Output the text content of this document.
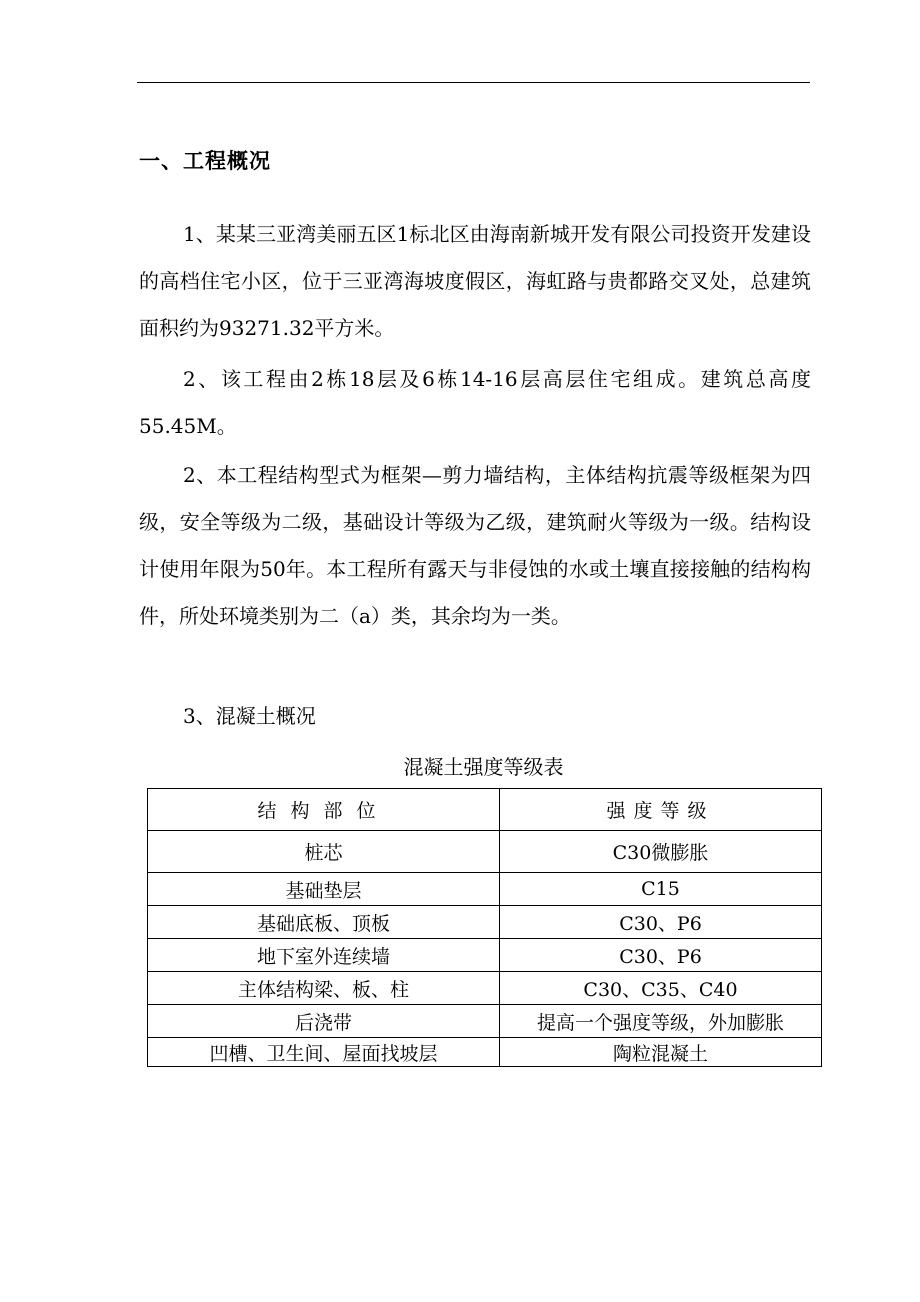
一、工程概况

1、某某三亚湾美丽五区1标北区由海南新城开发有限公司投资开发建设的高档住宅小区，位于三亚湾海坡度假区，海虹路与贵都路交叉处，总建筑面积约为93271.32平方米。

2、该工程由2栋18层及6栋14-16层高层住宅组成。建筑总高度55.45M。

2、本工程结构型式为框架—剪力墙结构，主体结构抗震等级框架为四级，安全等级为二级，基础设计等级为乙级，建筑耐火等级为一级。结构设计使用年限为50年。本工程所有露天与非侵蚀的水或土壤直接接触的结构构件，所处环境类别为二（a）类，其余均为一类。

3、混凝土概况

混凝土强度等级表
结构部位	强度等级
桩芯	C30微膨胀
基础垫层	C15
基础底板、顶板	C30、P6
地下室外连续墙	C30、P6
主体结构梁、板、柱	C30、C35、C40
后浇带	提高一个强度等级，外加膨胀
凹槽、卫生间、屋面找坡层	陶粒混凝土
